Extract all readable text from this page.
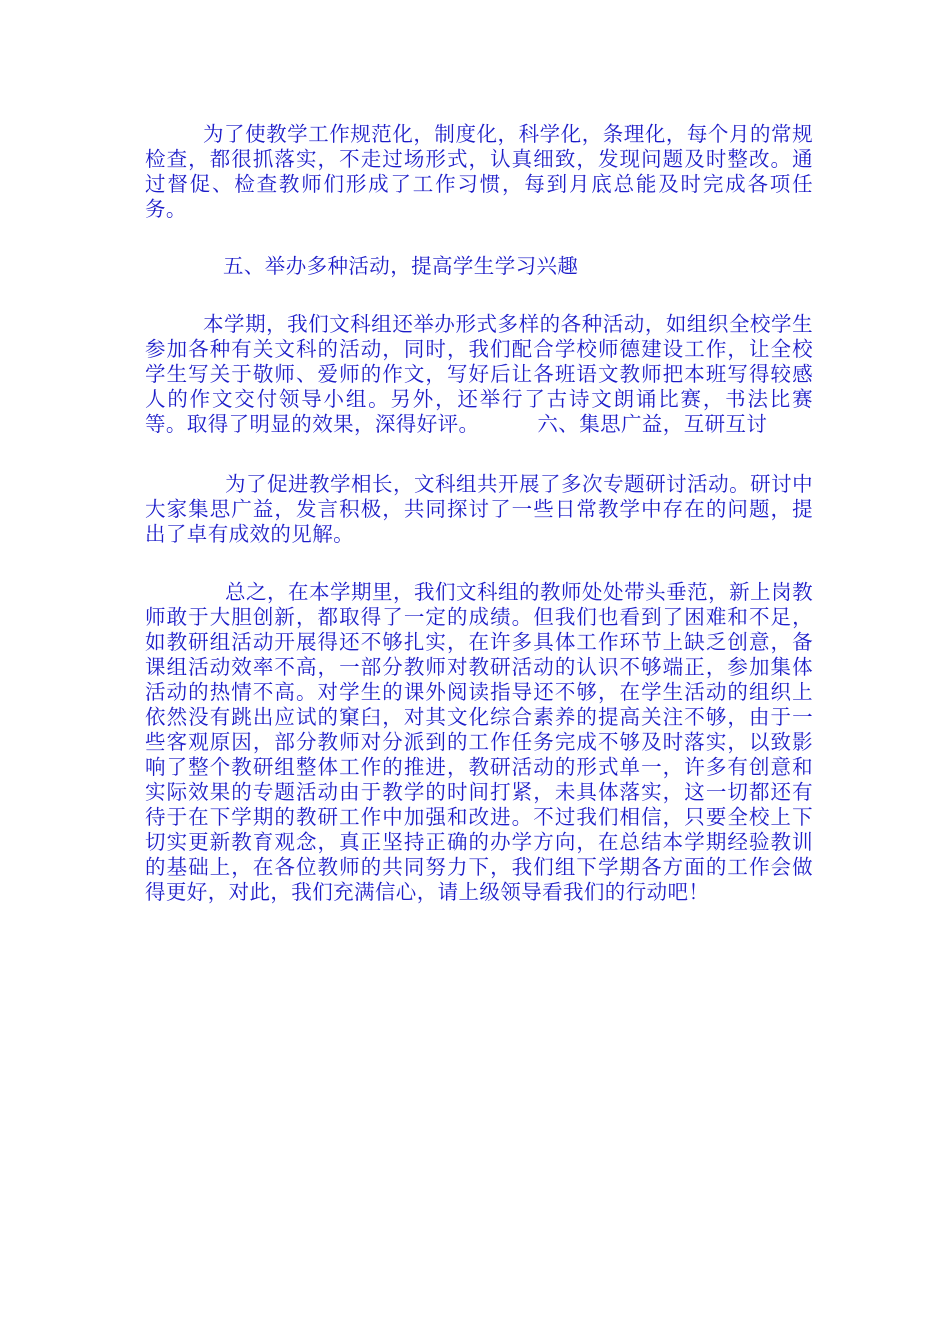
为了使教学工作规范化，制度化，科学化，条理化，每个月的常规检查，都很抓落实，不走过场形式，认真细致，发现问题及时整改。通过督促、检查教师们形成了工作习惯，每到月底总能及时完成各项任务。

五、举办多种活动，提高学生学习兴趣

本学期，我们文科组还举办形式多样的各种活动，如组织全校学生参加各种有关文科的活动，同时，我们配合学校师德建设工作，让全校学生写关于敬师、爱师的作文，写好后让各班语文教师把本班写得较感人的作文交付领导小组。另外，还举行了古诗文朗诵比赛，书法比赛等。取得了明显的效果，深得好评。	六、集思广益，互研互讨

为了促进教学相长，文科组共开展了多次专题研讨活动。研讨中大家集思广益，发言积极，共同探讨了一些日常教学中存在的问题，提出了卓有成效的见解。

总之，在本学期里，我们文科组的教师处处带头垂范，新上岗教师敢于大胆创新，都取得了一定的成绩。但我们也看到了困难和不足，如教研组活动开展得还不够扎实，在许多具体工作环节上缺乏创意，备课组活动效率不高，一部分教师对教研活动的认识不够端正，参加集体活动的热情不高。对学生的课外阅读指导还不够，在学生活动的组织上依然没有跳出应试的窠臼，对其文化综合素养的提高关注不够，由于一些客观原因，部分教师对分派到的工作任务完成不够及时落实，以致影响了整个教研组整体工作的推进，教研活动的形式单一，许多有创意和实际效果的专题活动由于教学的时间打紧，未具体落实，这一切都还有待于在下学期的教研工作中加强和改进。不过我们相信，只要全校上下切实更新教育观念，真正坚持正确的办学方向，在总结本学期经验教训的基础上，在各位教师的共同努力下，我们组下学期各方面的工作会做得更好，对此，我们充满信心，请上级领导看我们的行动吧！
